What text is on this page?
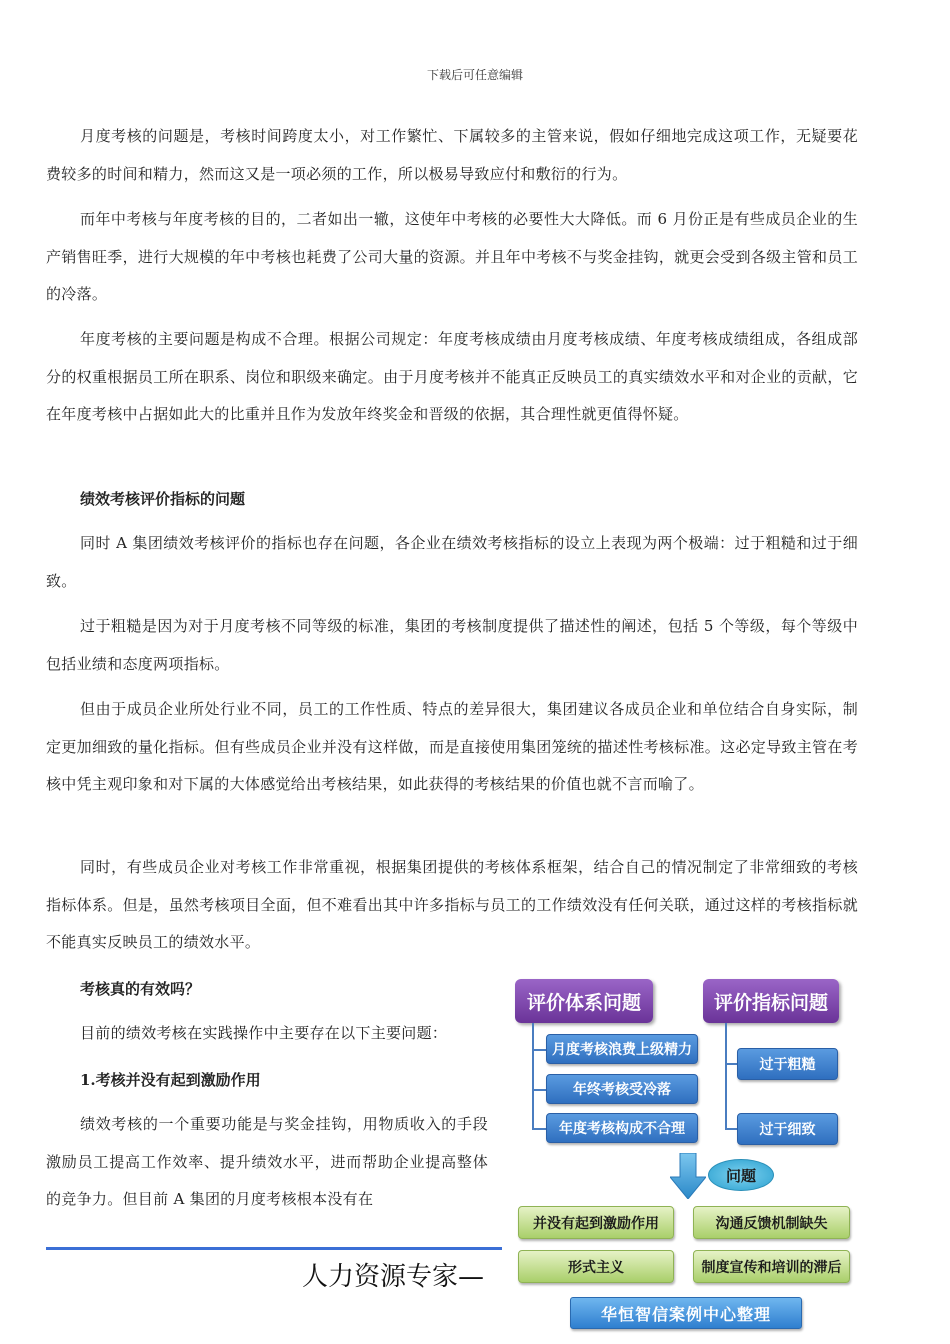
下载后可任意编辑

月度考核的问题是，考核时间跨度太小，对工作繁忙、下属较多的主管来说，假如仔细地完成这项工作，无疑要花费较多的时间和精力，然而这又是一项必须的工作，所以极易导致应付和敷衍的行为。

而年中考核与年度考核的目的，二者如出一辙，这使年中考核的必要性大大降低。而 6 月份正是有些成员企业的生产销售旺季，进行大规模的年中考核也耗费了公司大量的资源。并且年中考核不与奖金挂钩，就更会受到各级主管和员工的冷落。

年度考核的主要问题是构成不合理。根据公司规定：年度考核成绩由月度考核成绩、年度考核成绩组成，各组成部分的权重根据员工所在职系、岗位和职级来确定。由于月度考核并不能真正反映员工的真实绩效水平和对企业的贡献，它在年度考核中占据如此大的比重并且作为发放年终奖金和晋级的依据，其合理性就更值得怀疑。

绩效考核评价指标的问题

同时 A 集团绩效考核评价的指标也存在问题，各企业在绩效考核指标的设立上表现为两个极端：过于粗糙和过于细致。

过于粗糙是因为对于月度考核不同等级的标准，集团的考核制度提供了描述性的阐述，包括 5 个等级，每个等级中包括业绩和态度两项指标。

但由于成员企业所处行业不同，员工的工作性质、特点的差异很大，集团建议各成员企业和单位结合自身实际，制定更加细致的量化指标。但有些成员企业并没有这样做，而是直接使用集团笼统的描述性考核标准。这必定导致主管在考核中凭主观印象和对下属的大体感觉给出考核结果，如此获得的考核结果的价值也就不言而喻了。

同时，有些成员企业对考核工作非常重视，根据集团提供的考核体系框架，结合自己的情况制定了非常细致的考核指标体系。但是，虽然考核项目全面，但不难看出其中许多指标与员工的工作绩效没有任何关联，通过这样的考核指标就不能真实反映员工的绩效水平。

考核真的有效吗？

目前的绩效考核在实践操作中主要存在以下主要问题：

1.考核并没有起到激励作用

绩效考核的一个重要功能是与奖金挂钩，用物质收入的手段激励员工提高工作效率、提升绩效水平，进而帮助企业提高整体的竞争力。但目前 A 集团的月度考核根本没有在

人力资源专家—
评价体系问题	评价指标问题
月度考核浪费上级精力
年终考核受冷落
年度考核构成不合理
过于粗糙
过于细致
问题
并没有起到激励作用	沟通反馈机制缺失
形式主义	制度宣传和培训的滞后
华恒智信案例中心整理
